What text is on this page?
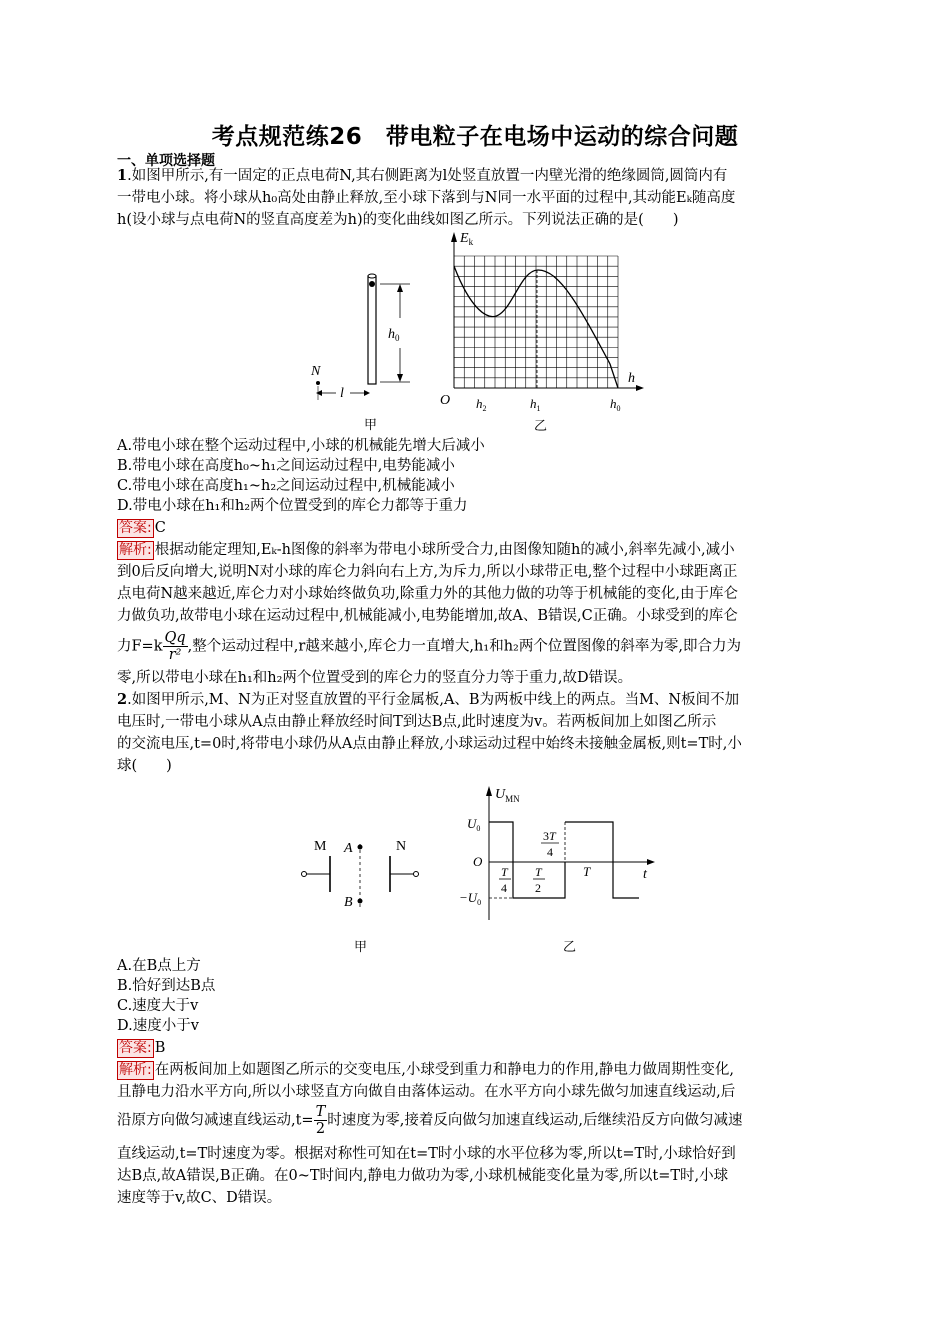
考点规范练26　带电粒子在电场中运动的综合问题
一、单项选择题
1.如图甲所示,有一固定的正点电荷N,其右侧距离为l处竖直放置一内壁光滑的绝缘圆筒,圆筒内有
一带电小球。将小球从h₀高处由静止释放,至小球下落到与N同一水平面的过程中,其动能Eₖ随高度
h(设小球与点电荷N的竖直高度差为h)的变化曲线如图乙所示。下列说法正确的是(　　)
$h_0$
N
l
$E_k$
h
O $h_2$	$h_1$	$h_0$
乙
甲
A.带电小球在整个运动过程中,小球的机械能先增大后减小
B.带电小球在高度h₀~h₁之间运动过程中,电势能减小
C.带电小球在高度h₁~h₂之间运动过程中,机械能减小
D.带电小球在h₁和h₂两个位置受到的库仑力都等于重力
答案: C
解析: 根据动能定理知,Eₖ-h图像的斜率为带电小球所受合力,由图像知随h的减小,斜率先减小,减小
到0后反向增大,说明N对小球的库仑力斜向右上方,为斥力,所以小球带正电,整个过程中小球距离正
点电荷N越来越近,库仑力对小球始终做负功,除重力外的其他力做的功等于机械能的变化,由于库仑
力做负功,故带电小球在运动过程中,机械能减小,电势能增加,故A、B错误,C正确。小球受到的库仑
力$F=k \frac{Qq}{\text{r²}}$ ,整个运动过程中,r越来越小,库仑力一直增大,h₁和h₂两个位置图像的斜率为零,即合力为
零,所以带电小球在h₁和h₂两个位置受到的库仑力的竖直分力等于重力,故D错误。
2.如图甲所示,M、N为正对竖直放置的平行金属板,A、B为两板中线上的两点。当M、N板间不加
电压时,一带电小球从A点由静止释放经时间T到达B点,此时速度为v。若两板间加上如图乙所示
的交流电压,t=0时,将带电小球仍从A点由静止释放,小球运动过程中始终未接触金属板,则t=T时,小
球(　　)
M	N
A
B
甲
$U_{MN}$
$U_0$
$-U_0$
O
t
T
4
T
2
3T
4
T
乙
A.在B点上方
B.恰好到达B点
C.速度大于v
D.速度小于v
答案: B
解析: 在两板间加上如题图乙所示的交变电压,小球受到重力和静电力的作用,静电力做周期性变化,
且静电力沿水平方向,所以小球竖直方向做自由落体运动。在水平方向小球先做匀加速直线运动,后
沿原方向做匀减速直线运动$,t= \frac{T}{2}$ 时速度为零,接着反向做匀加速直线运动,后继续沿反方向做匀减速
直线运动,t=T时速度为零。根据对称性可知在t=T时小球的水平位移为零,所以t=T时,小球恰好到
达B点,故A错误,B正确。在0~T时间内,静电力做功为零,小球机械能变化量为零,所以t=T时,小球
速度等于v,故C、D错误。
